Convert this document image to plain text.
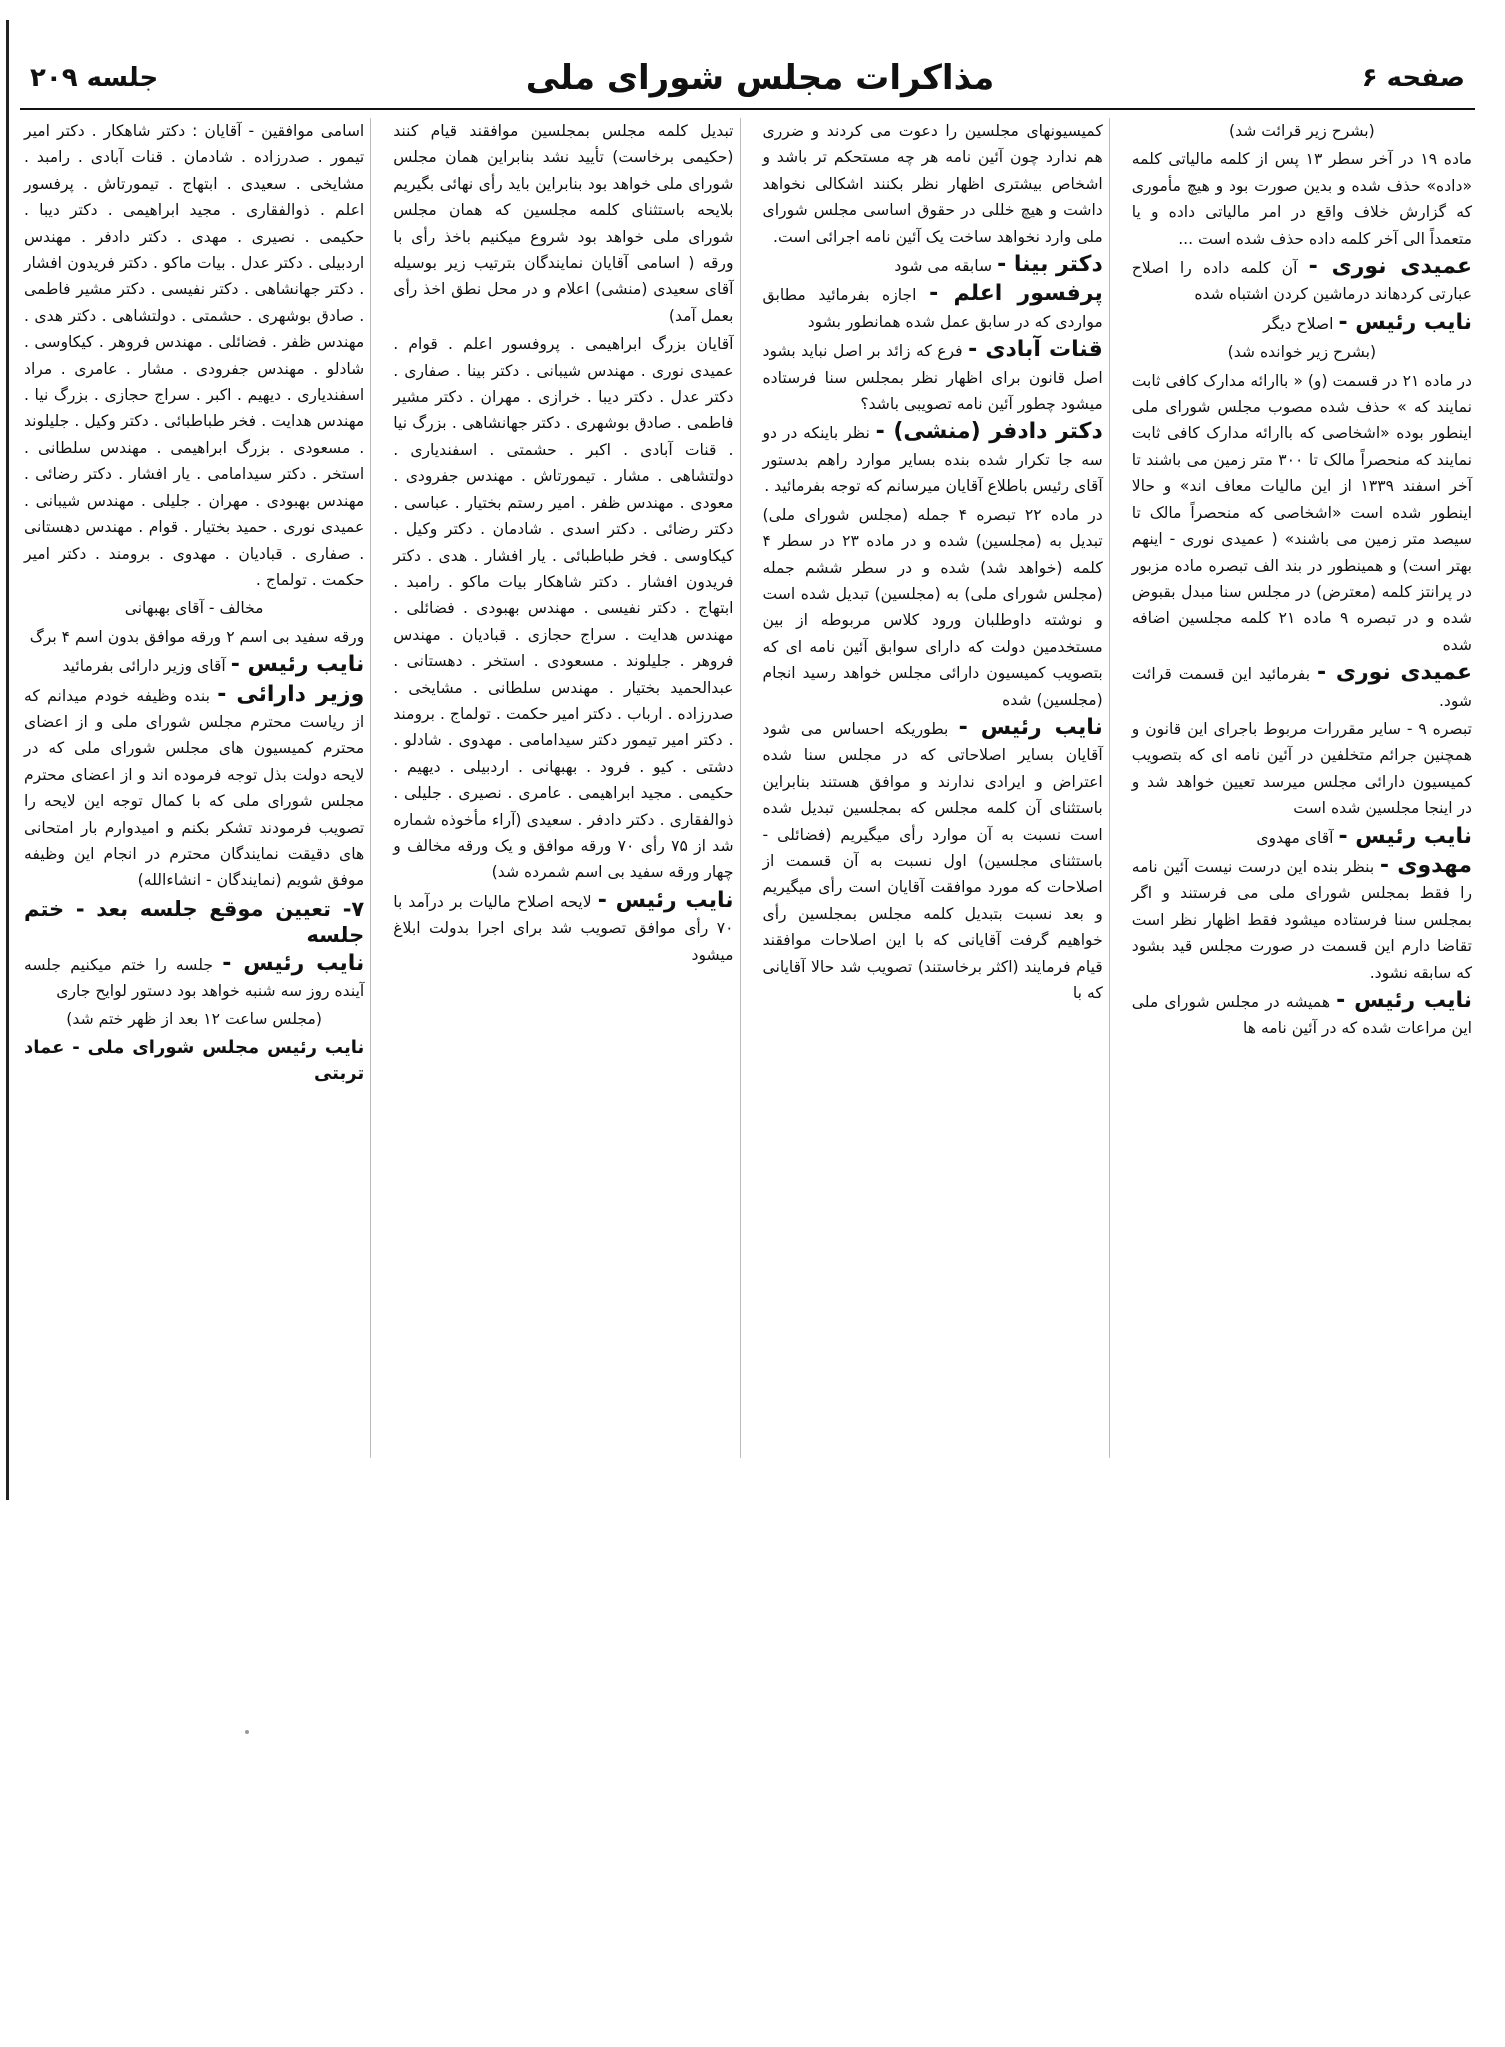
صفحه ۶
مذاکرات مجلس شورای ملی
جلسه ۲۰۹

(بشرح زیر قرائت شد)

ماده ۱۹ در آخر سطر ۱۳ پس از کلمه مالیاتی کلمه «داده» حذف شده و بدین صورت بود و هیچ مأموری که گزارش خلاف واقع در امر مالیاتی داده و یا متعمداً الی آخر کلمه داده حذف شده است ...

عمیدی نوری - آن کلمه داده را اصلاح عبارتی کردهاند درماشین کردن اشتباه شده

نایب رئیس - اصلاح دیگر

(بشرح زیر خوانده شد)

در ماده ۲۱ در قسمت (و) « باارائه مدارک کافی ثابت نمایند که » حذف شده مصوب مجلس شورای ملی اینطور بوده «اشخاصی که باارائه مدارک کافی ثابت نمایند که منحصراً مالک تا ۳۰۰ متر زمین می باشند تا آخر اسفند ۱۳۳۹ از این مالیات معاف اند» و حالا اینطور شده است «اشخاصی که منحصراً مالک تا سیصد متر زمین می باشند» ( عمیدی نوری - اینهم بهتر است) و همینطور در بند الف تبصره ماده مزبور در پرانتز کلمه (معترض) در مجلس سنا مبدل بقبوض شده و در تبصره ۹ ماده ۲۱ کلمه مجلسین اضافه شده

عمیدی نوری - بفرمائید این قسمت قرائت شود.

تبصره ۹ - سایر مقررات مربوط باجرای این قانون و همچنین جرائم متخلفین در آئین نامه ای که بتصویب کمیسیون دارائی مجلس میرسد تعیین خواهد شد و در اینجا مجلسین شده است

نایب رئیس - آقای مهدوی

مهدوی - بنظر بنده این درست نیست آئین نامه را فقط بمجلس شورای ملی می فرستند و اگر بمجلس سنا فرستاده میشود فقط اظهار نظر است تقاضا دارم این قسمت در صورت مجلس قید بشود که سابقه نشود.

نایب رئیس - همیشه در مجلس شورای ملی این مراعات شده که در آئین نامه ها

کمیسیونهای مجلسین را دعوت می کردند و ضرری هم ندارد چون آئین نامه هر چه مستحکم تر باشد و اشخاص بیشتری اظهار نظر بکنند اشکالی نخواهد داشت و هیچ خللی در حقوق اساسی مجلس شورای ملی وارد نخواهد ساخت یک آئین نامه اجرائی است.

دکتر بینا - سابقه می شود

پرفسور اعلم - اجازه بفرمائید مطابق مواردی که در سابق عمل شده همانطور بشود

قنات آبادی - فرع که زائد بر اصل نباید بشود اصل قانون برای اظهار نظر بمجلس سنا فرستاده میشود چطور آئین نامه تصویبی باشد؟

دکتر دادفر (منشی) - نظر باینکه در دو سه جا تکرار شده بنده بسایر موارد راهم بدستور آقای رئیس باطلاع آقایان میرسانم که توجه بفرمائید .

در ماده ۲۲ تبصره ۴ جمله (مجلس شورای ملی) تبدیل به (مجلسین) شده و در ماده ۲۳ در سطر ۴ کلمه (خواهد شد) شده و در سطر ششم جمله (مجلس شورای ملی) به (مجلسین) تبدیل شده است و نوشته داوطلبان ورود کلاس مربوطه از بین مستخدمین دولت که دارای سوابق آئین نامه ای که بتصویب کمیسیون دارائی مجلس خواهد رسید انجام (مجلسین) شده

نایب رئیس - بطوریکه احساس می شود آقایان بسایر اصلاحاتی که در مجلس سنا شده اعتراض و ایرادی ندارند و موافق هستند بنابراین باستثنای آن کلمه مجلس که بمجلسین تبدیل شده است نسبت به آن موارد رأی میگیریم (فضائلی - باستثنای مجلسین) اول نسبت به آن قسمت از اصلاحات که مورد موافقت آقایان است رأی میگیریم و بعد نسبت بتبدیل کلمه مجلس بمجلسین رأی خواهیم گرفت آقایانی که با این اصلاحات موافقند قیام فرمایند (اکثر برخاستند) تصویب شد حالا آقایانی که با

تبدیل کلمه مجلس بمجلسین موافقند قیام کنند (حکیمی برخاست) تأیید نشد بنابراین همان مجلس شورای ملی خواهد بود بنابراین باید رأی نهائی بگیریم بلایحه باستثنای کلمه مجلسین که همان مجلس شورای ملی خواهد بود شروع میکنیم باخذ رأی با ورقه ( اسامی آقایان نمایندگان بترتیب زیر بوسیله آقای سعیدی (منشی) اعلام و در محل نطق اخذ رأی بعمل آمد)

آقایان بزرگ ابراهیمی . پروفسور اعلم . قوام . عمیدی نوری . مهندس شیبانی . دکتر بینا . صفاری . دکتر عدل . دکتر دیبا . خرازی . مهران . دکتر مشیر فاطمی . صادق بوشهری . دکتر جهانشاهی . بزرگ نیا . قنات آبادی . اکبر . حشمتی . اسفندیاری . دولتشاهی . مشار . تیمورتاش . مهندس جفرودی . معودی . مهندس ظفر . امیر رستم بختیار . عباسی . دکتر رضائی . دکتر اسدی . شادمان . دکتر وکیل . کیکاوسی . فخر طباطبائی . یار افشار . هدی . دکتر فریدون افشار . دکتر شاهکار بیات ماکو . رامبد . ابتهاج . دکتر نفیسی . مهندس بهبودی . فضائلی . مهندس هدایت . سراج حجازی . قبادیان . مهندس فروهر . جلیلوند . مسعودی . استخر . دهستانی . عبدالحمید بختیار . مهندس سلطانی . مشایخی . صدرزاده . ارباب . دکتر امیر حکمت . تولماج . برومند . دکتر امیر تیمور دکتر سیدامامی . مهدوی . شادلو . دشتی . کیو . فرود . بهبهانی . اردبیلی . دیهیم . حکیمی . مجید ابراهیمی . عامری . نصیری . جلیلی . ذوالفقاری . دکتر دادفر . سعیدی (آراء مأخوذه شماره شد از ۷۵ رأی ۷۰ ورقه موافق و یک ورقه مخالف و چهار ورقه سفید بی اسم شمرده شد)

نایب رئیس - لایحه اصلاح مالیات بر درآمد با ۷۰ رأی موافق تصویب شد برای اجرا بدولت ابلاغ میشود

اسامی موافقین - آقایان : دکتر شاهکار . دکتر امیر تیمور . صدرزاده . شادمان . قنات آبادی . رامبد . مشایخی . سعیدی . ابتهاج . تیمورتاش . پرفسور اعلم . ذوالفقاری . مجید ابراهیمی . دکتر دیبا . حکیمی . نصیری . مهدی . دکتر دادفر . مهندس اردبیلی . دکتر عدل . بیات ماکو . دکتر فریدون افشار . دکتر جهانشاهی . دکتر نفیسی . دکتر مشیر فاطمی . صادق بوشهری . حشمتی . دولتشاهی . دکتر هدی . مهندس ظفر . فضائلی . مهندس فروهر . کیکاوسی . شادلو . مهندس جفرودی . مشار . عامری . مراد اسفندیاری . دیهیم . اکبر . سراج حجازی . بزرگ نیا . مهندس هدایت . فخر طباطبائی . دکتر وکیل . جلیلوند . مسعودی . بزرگ ابراهیمی . مهندس سلطانی . استخر . دکتر سیدامامی . یار افشار . دکتر رضائی . مهندس بهبودی . مهران . جلیلی . مهندس شیبانی . عمیدی نوری . حمید بختیار . قوام . مهندس دهستانی . صفاری . قبادیان . مهدوی . برومند . دکتر امیر حکمت . تولماج .

مخالف - آقای بهبهانی

ورقه سفید بی اسم ۲ ورقه موافق بدون اسم ۴ برگ

نایب رئیس - آقای وزیر دارائی بفرمائید

وزیر دارائی - بنده وظیفه خودم میدانم که از ریاست محترم مجلس شورای ملی و از اعضای محترم کمیسیون های مجلس شورای ملی که در لایحه دولت بذل توجه فرموده اند و از اعضای محترم مجلس شورای ملی که با کمال توجه این لایحه را تصویب فرمودند تشکر بکنم و امیدوارم بار امتحانی های دقیقت نمایندگان محترم در انجام این وظیفه موفق شویم (نمایندگان - انشاءالله)

۷- تعیین موقع جلسه بعد - ختم جلسه

نایب رئیس - جلسه را ختم میکنیم جلسه آینده روز سه شنبه خواهد بود دستور لوایح جاری

(مجلس ساعت ۱۲ بعد از ظهر ختم شد)

نایب رئیس مجلس شورای ملی - عماد تربتی
